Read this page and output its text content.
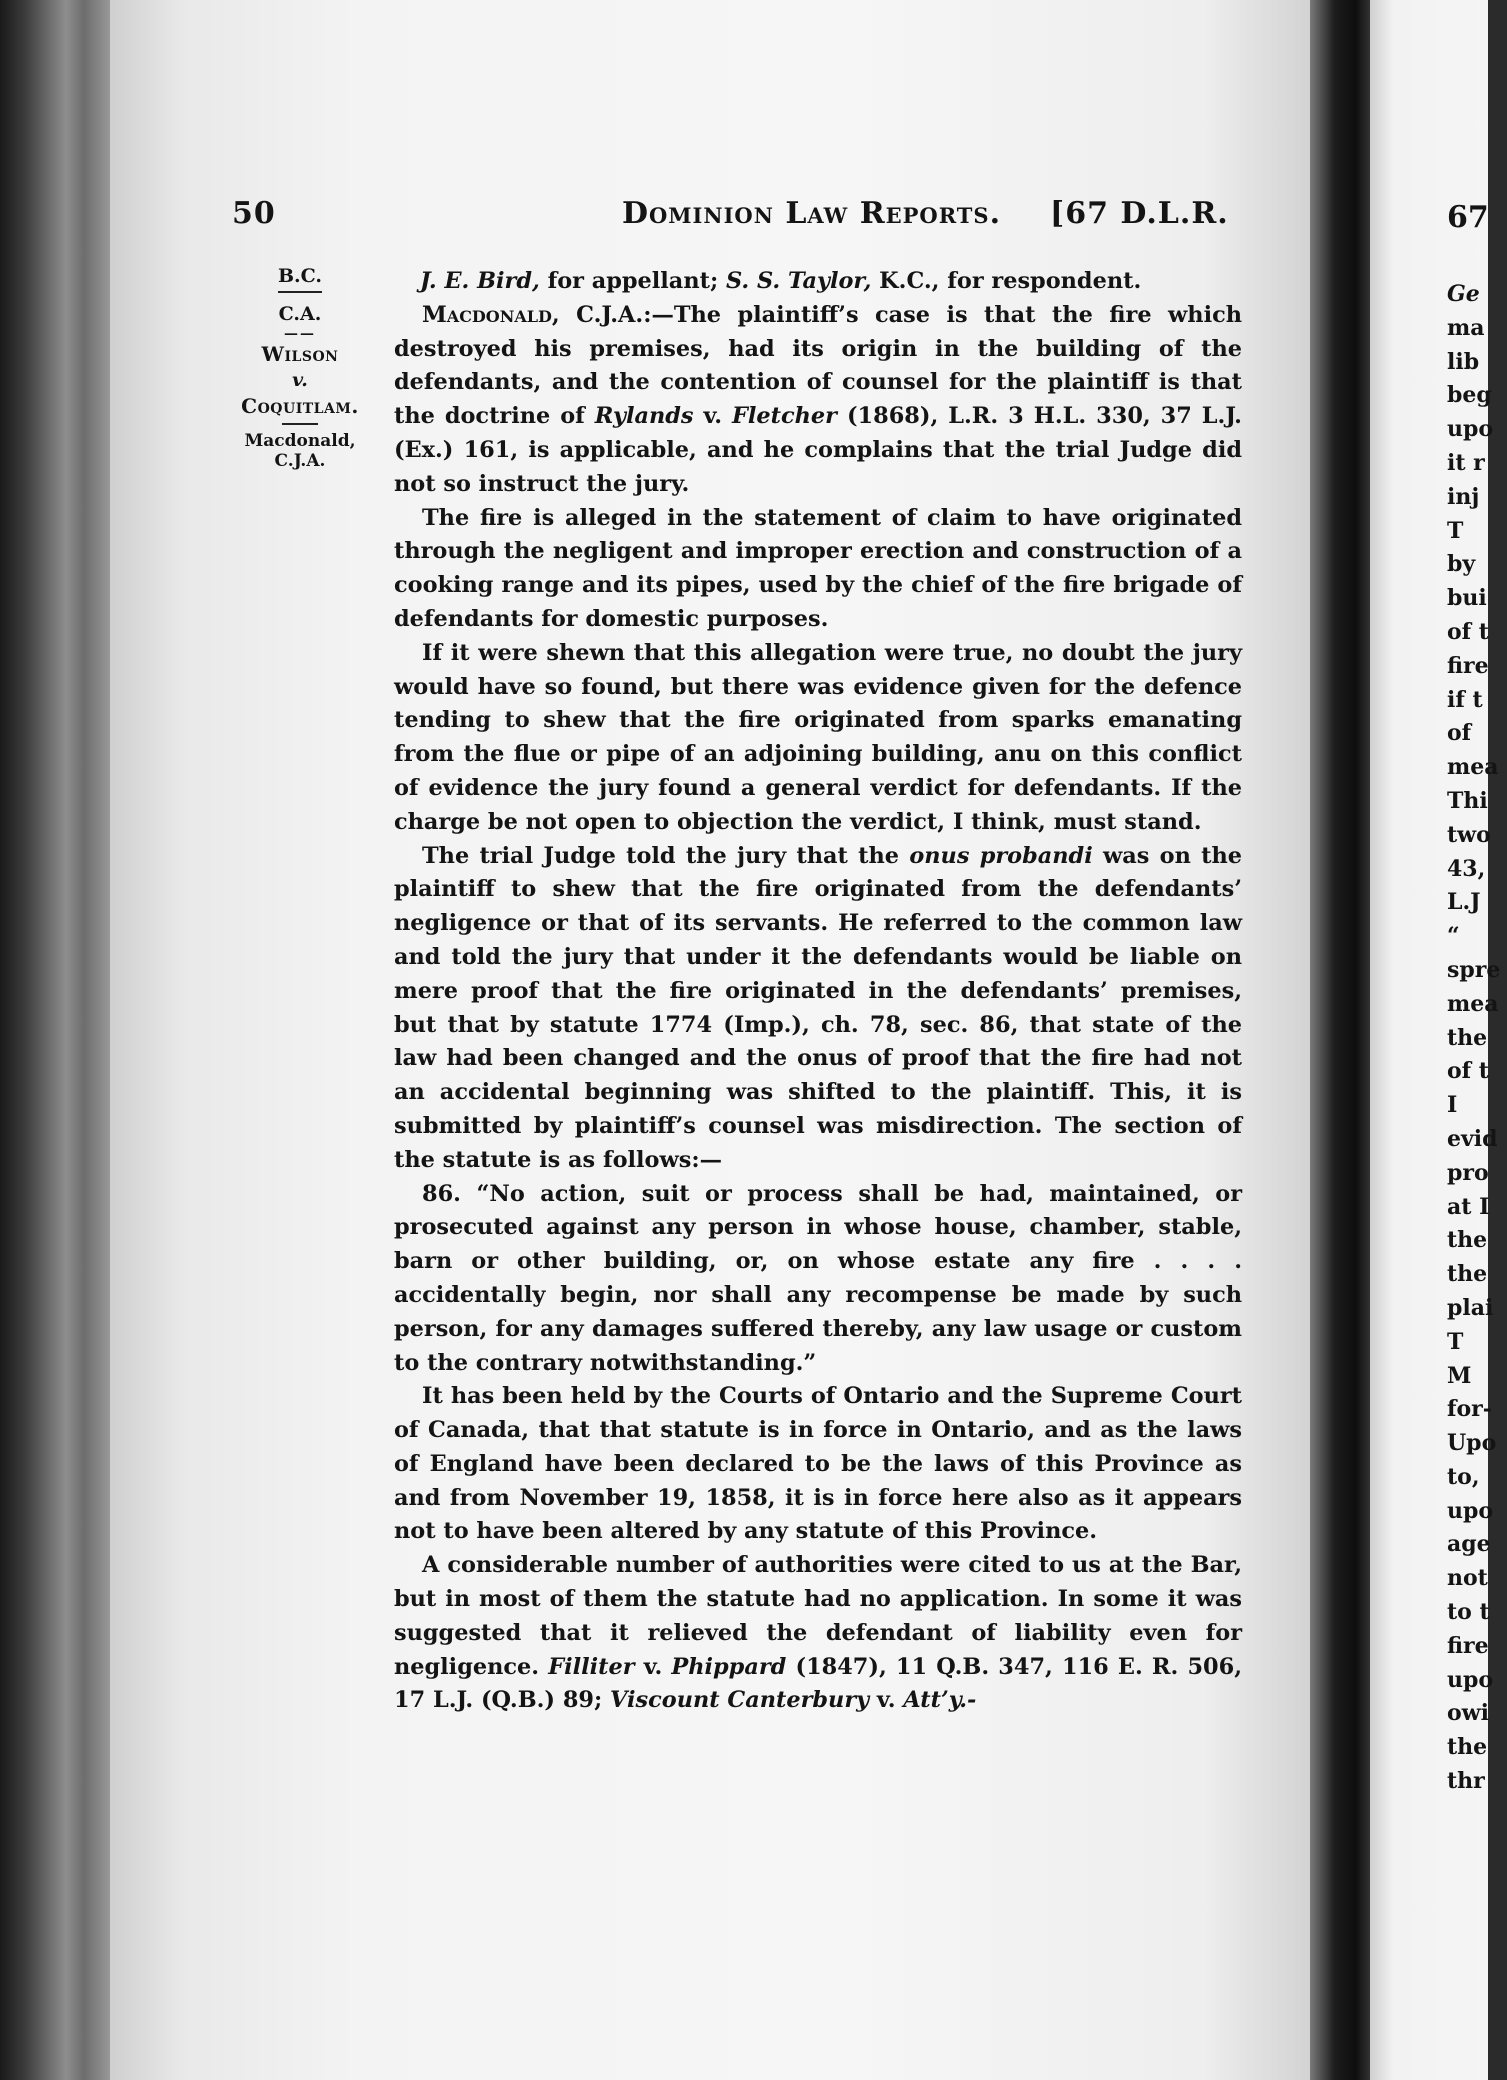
50	Dominion Law Reports. [67 D.L.R.	67
B.C.
C.A.
——
Wilson
v.
Coquitlam.
Macdonald,
C.J.A.

J. E. Bird, for appellant; S. S. Taylor, K.C., for respondent.

Macdonald, C.J.A.:—The plaintiff’s case is that the fire which destroyed his premises, had its origin in the building of the defendants, and the contention of counsel for the plaintiff is that the doctrine of Rylands v. Fletcher (1868), L.R. 3 H.L. 330, 37 L.J. (Ex.) 161, is applicable, and he complains that the trial Judge did not so instruct the jury.

The fire is alleged in the statement of claim to have originated through the negligent and improper erection and construction of a cooking range and its pipes, used by the chief of the fire brigade of defendants for domestic purposes.

If it were shewn that this allegation were true, no doubt the jury would have so found, but there was evidence given for the defence tending to shew that the fire originated from sparks emanating from the flue or pipe of an adjoining building, anu on this conflict of evidence the jury found a general verdict for defendants. If the charge be not open to objection the verdict, I think, must stand.

The trial Judge told the jury that the onus probandi was on the plaintiff to shew that the fire originated from the defendants’ negligence or that of its servants. He referred to the common law and told the jury that under it the defendants would be liable on mere proof that the fire originated in the defendants’ premises, but that by statute 1774 (Imp.), ch. 78, sec. 86, that state of the law had been changed and the onus of proof that the fire had not an accidental beginning was shifted to the plaintiff. This, it is submitted by plaintiff’s counsel was misdirection. The section of the statute is as follows:—

86. “No action, suit or process shall be had, maintained, or prosecuted against any person in whose house, chamber, stable, barn or other building, or, on whose estate any fire . . . . accidentally begin, nor shall any recompense be made by such person, for any damages suffered thereby, any law usage or custom to the contrary notwithstanding.”

It has been held by the Courts of Ontario and the Supreme Court of Canada, that that statute is in force in Ontario, and as the laws of England have been declared to be the laws of this Province as and from November 19, 1858, it is in force here also as it appears not to have been altered by any statute of this Province.

A considerable number of authorities were cited to us at the Bar, but in most of them the statute had no application. In some it was suggested that it relieved the defendant of liability even for negligence. Filliter v. Phippard (1847), 11 Q.B. 347, 116 E. R. 506, 17 L.J. (Q.B.) 89; Viscount Canterbury v. Att’y.-

Ge
ma
lib
beg
upo
it r
inj
T
by
bui
of t
fire
if t
of
mea
Thi
two
43,
L.J
“
spre
mea
the
of t
I
evid
pro
at I
the
the
plai
T
M
for-
Upo
to,
upo
age
not
to t
fire
upo
owi
the
thr
